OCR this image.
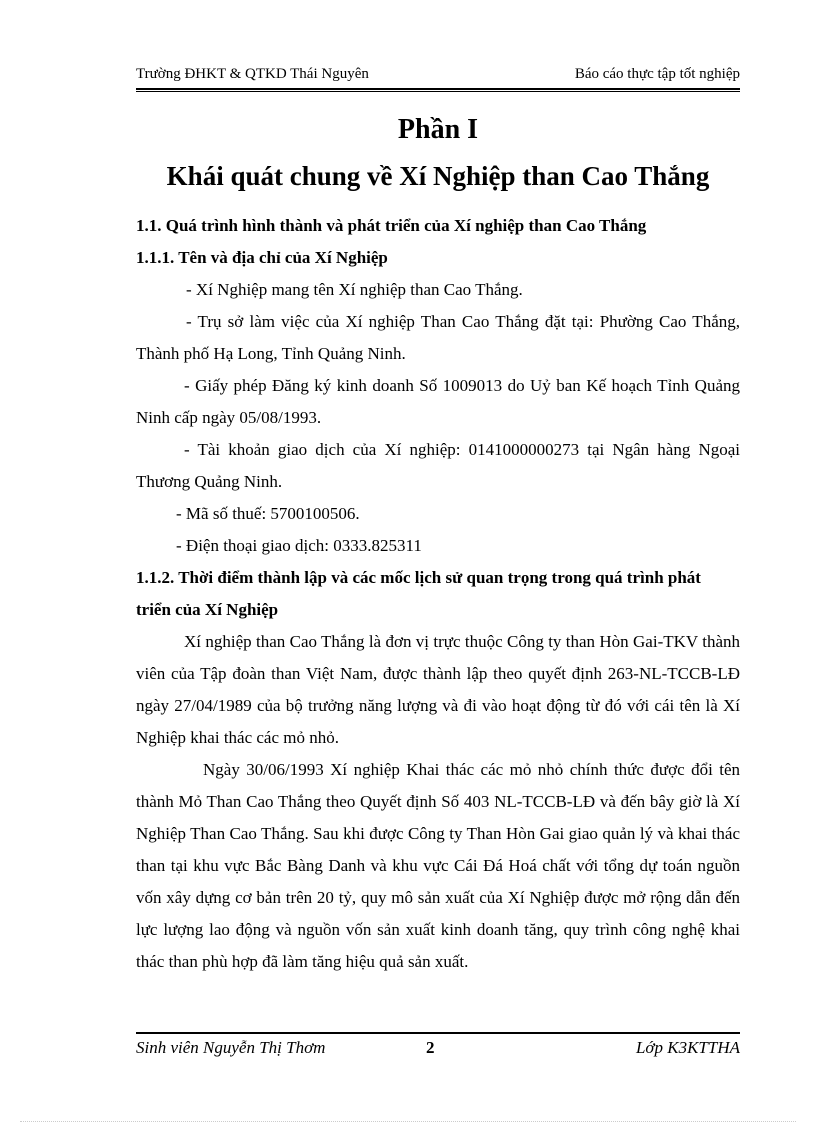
Trường ĐHKT & QTKD Thái Nguyên	Báo cáo thực tập tốt nghiệp
Phần I
Khái quát chung về Xí Nghiệp than Cao Thắng

1.1. Quá trình hình thành và phát triển của Xí nghiệp than Cao Thắng

1.1.1. Tên và địa chỉ của Xí Nghiệp

- Xí Nghiệp mang tên Xí nghiệp than Cao Thắng.

- Trụ sở làm việc của Xí nghiệp Than Cao Thắng đặt tại: Phường Cao Thắng, Thành phố Hạ Long, Tỉnh Quảng Ninh.

- Giấy phép Đăng ký kinh doanh Số 1009013 do Uỷ ban Kế hoạch Tỉnh Quảng Ninh cấp ngày 05/08/1993.

- Tài khoản giao dịch của Xí nghiệp: 0141000000273 tại Ngân hàng Ngoại Thương Quảng Ninh.

- Mã số thuế: 5700100506.

- Điện thoại giao dịch: 0333.825311

1.1.2. Thời điểm thành lập và các mốc lịch sử quan trọng trong quá trình phát triển của Xí Nghiệp

Xí nghiệp than Cao Thắng là đơn vị trực thuộc Công ty than Hòn Gai-TKV thành viên của Tập đoàn than Việt Nam, được thành lập theo quyết định 263-NL-TCCB-LĐ ngày 27/04/1989 của bộ trưởng năng lượng và đi vào hoạt động từ đó với cái tên là Xí Nghiệp khai thác các mỏ nhỏ.

Ngày 30/06/1993 Xí nghiệp Khai thác các mỏ nhỏ chính thức được đổi tên thành Mỏ Than Cao Thắng theo Quyết định Số 403 NL-TCCB-LĐ và đến bây giờ là Xí Nghiệp Than Cao Thắng. Sau khi được Công ty Than Hòn Gai giao quản lý và khai thác than tại khu vực Bắc Bàng Danh và khu vực Cái Đá Hoá chất với tổng dự toán nguồn vốn xây dựng cơ bản trên 20 tỷ, quy mô sản xuất của Xí Nghiệp được mở rộng dẫn đến lực lượng lao động và nguồn vốn sản xuất kinh doanh tăng, quy trình công nghệ khai thác than phù hợp đã làm tăng hiệu quả sản xuất.

Sinh viên Nguyễn Thị Thơm	2	Lớp K3KTTHA
